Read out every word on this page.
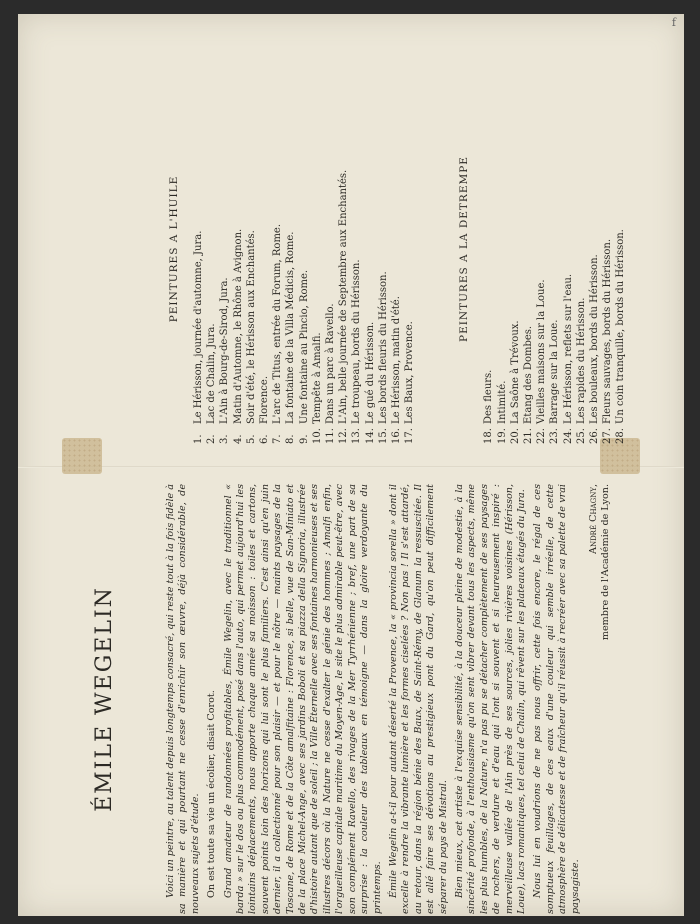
f
PEINTURES A L'HUILE
1.Le Hérisson, journée d'automne, Jura.
2.Lac de Chalin, Jura.
3.L'Ain à Bourg-de-Sirod, Jura.
4.Matin d'Automne, le Rhône à Avignon.
5.Soir d'été, le Hérisson aux Enchantés.
6.Florence.
7.L'arc de Titus, entrée du Forum, Rome.
8.La fontaine de la Villa Médicis, Rome.
9.Une fontaine au Pincio, Rome.
10.Tempête à Amalfi.
11.Dans un parc à Ravello.
12.L'Ain, belle journée de Septembre aux Enchantés.
13.Le troupeau, bords du Hérisson.
14.Le gué du Hérisson.
15.Les bords fleuris du Hérisson.
16.Le Hérisson, matin d'été.
17.Les Baux, Provence.
PEINTURES A LA DETREMPE
18.Des fleurs.
19.Intimité.
20.La Saône à Trévoux.
21.Etang des Dombes.
22.Vieilles maisons sur la Loue.
23.Barrage sur la Loue.
24.Le Hérisson, reflets sur l'eau.
25.Les rapides du Hérisson.
26.Les bouleaux, bords du Hérisson.
27.Fleurs sauvages, bords du Hérisson.
28.Un coin tranquille, bords du Hérisson.
ÉMILE WEGELIN	Voici un peintre, au talent depuis longtemps consacré, qui reste tout à la fois fidèle à sa manière et qui pourtant ne cesse d'enrichir son œuvre, déjà considérable, de nouveaux sujets d'étude. On est toute sa vie un écolier, disait Corot. Grand amateur de randonnées profitables, Émile Wegelin, avec le traditionnel « barda » sur le dos ou plus commodément, posé dans l'auto, qui permet aujourd'hui les lointains déplacements, nous apporte chaque année sa moisson : toiles et cartons, souvent points loin des horizons qui lui sont le plus familiers. C'est ainsi qu'en juin dernier, il a collectionné pour son plaisir — et pour le nôtre — maints paysages de la Toscane, de Rome et de la Côte amalfitaine : Florence, si belle, vue de San-Miniato et de la place Michel-Ange, avec ses jardins Boboli et sa piazza della Signoria, illustrée d'histoire autant que de soleil ; la Ville Éternelle avec ses fontaines harmonieuses et ses illustres décors où la Nature ne cesse d'exalter le génie des hommes ; Amalfi enfin, l'orgueilleuse capitale maritime du Moyen-Age, le site le plus admirable peut-être, avec son complément Ravello, des rivages de la Mer Tyrrhénienne ; bref, une part de sa surprise : la couleur des tableaux en témoigne — dans la gloire verdoyante du printemps. Émile Wegelin a-t-il pour autant déserté la Provence, la « provincia sorella » dont il excelle à rendre la vibrante lumière et les formes ciselées ? Non pas ! Il s'est attardé, au retour, dans la région bénie des Baux, de Saint-Rémy, de Glanum la ressuscitée. Il est allé faire ses dévotions au prestigieux pont du Gard, qu'on peut difficilement séparer du pays de Mistral. Bien mieux, cet artiste à l'exquise sensibilité, à la douceur pleine de modestie, à la sincérité profonde, à l'enthousiasme qu'on sent vibrer devant tous les aspects, même les plus humbles, de la Nature, n'a pas pu se détacher complètement de ses paysages de rochers, de verdure et d'eau qui l'ont si souvent et si heureusement inspiré : merveilleuse vallée de l'Ain près de ses sources, jolies rivières voisines (Hérisson, Loue), lacs romantiques, tel celui de Chalin, qui rêvent sur les plateaux étagés du Jura. Nous lui en voudrions de ne pas nous offrir, cette fois encore, le régal de ces somptueux feuillages, de ces eaux d'une couleur qui semble irréelle, de cette atmosphère de délicatesse et de fraîcheur qu'il réussit à recréer avec sa palette de vrai paysagiste.

André Chagny, membre de l'Académie de Lyon.
